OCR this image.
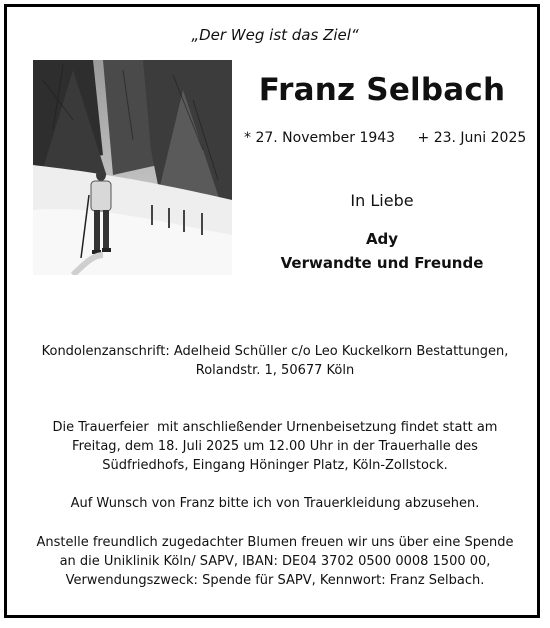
„Der Weg ist das Ziel“
Franz Selbach
* 27. November 1943 + 23. Juni 2025
In Liebe
Ady
Verwandte und Freunde
Kondolenzanschrift: Adelheid Schüller c/o Leo Kuckelkorn Bestattungen,
Rolandstr. 1, 50677 Köln
Die Trauerfeier  mit anschließender Urnenbeisetzung findet statt am
Freitag, dem 18. Juli 2025 um 12.00 Uhr in der Trauerhalle des
Südfriedhofs, Eingang Höninger Platz, Köln-Zollstock.
Auf Wunsch von Franz bitte ich von Trauerkleidung abzusehen.
Anstelle freundlich zugedachter Blumen freuen wir uns über eine Spende
an die Uniklinik Köln/ SAPV, IBAN: DE04 3702 0500 0008 1500 00,
Verwendungszweck: Spende für SAPV, Kennwort: Franz Selbach.
